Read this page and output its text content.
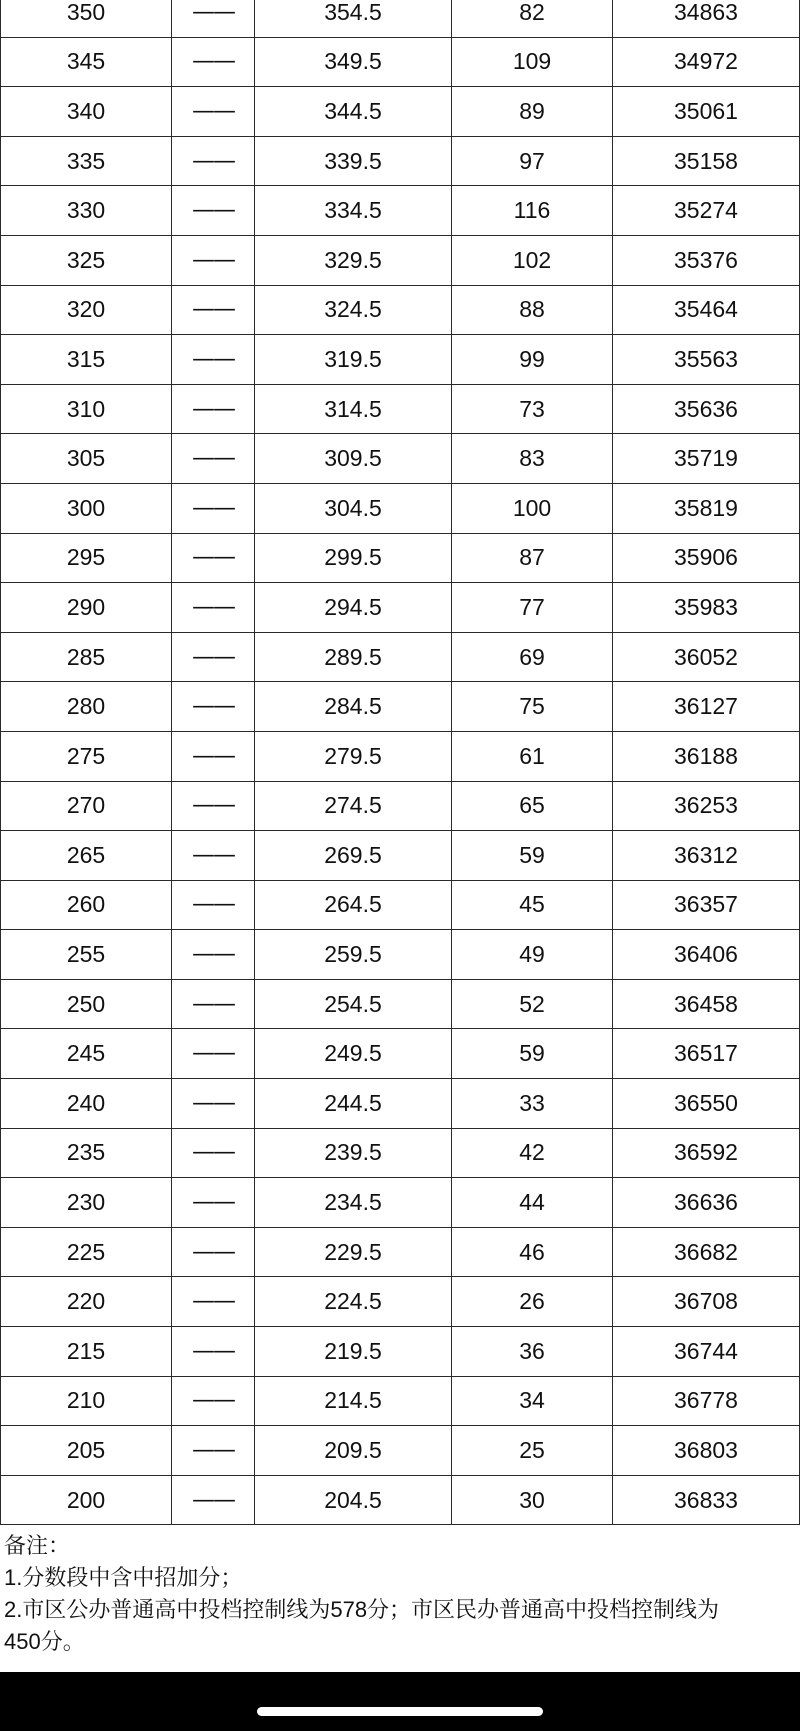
350	——	354.5	82	34863
345	——	349.5	109	34972
340	——	344.5	89	35061
335	——	339.5	97	35158
330	——	334.5	116	35274
325	——	329.5	102	35376
320	——	324.5	88	35464
315	——	319.5	99	35563
310	——	314.5	73	35636
305	——	309.5	83	35719
300	——	304.5	100	35819
295	——	299.5	87	35906
290	——	294.5	77	35983
285	——	289.5	69	36052
280	——	284.5	75	36127
275	——	279.5	61	36188
270	——	274.5	65	36253
265	——	269.5	59	36312
260	——	264.5	45	36357
255	——	259.5	49	36406
250	——	254.5	52	36458
245	——	249.5	59	36517
240	——	244.5	33	36550
235	——	239.5	42	36592
230	——	234.5	44	36636
225	——	229.5	46	36682
220	——	224.5	26	36708
215	——	219.5	36	36744
210	——	214.5	34	36778
205	——	209.5	25	36803
200	——	204.5	30	36833
备注：
1.分数段中含中招加分；
2.市区公办普通高中投档控制线为578分；市区民办普通高中投档控制线为
450分。
